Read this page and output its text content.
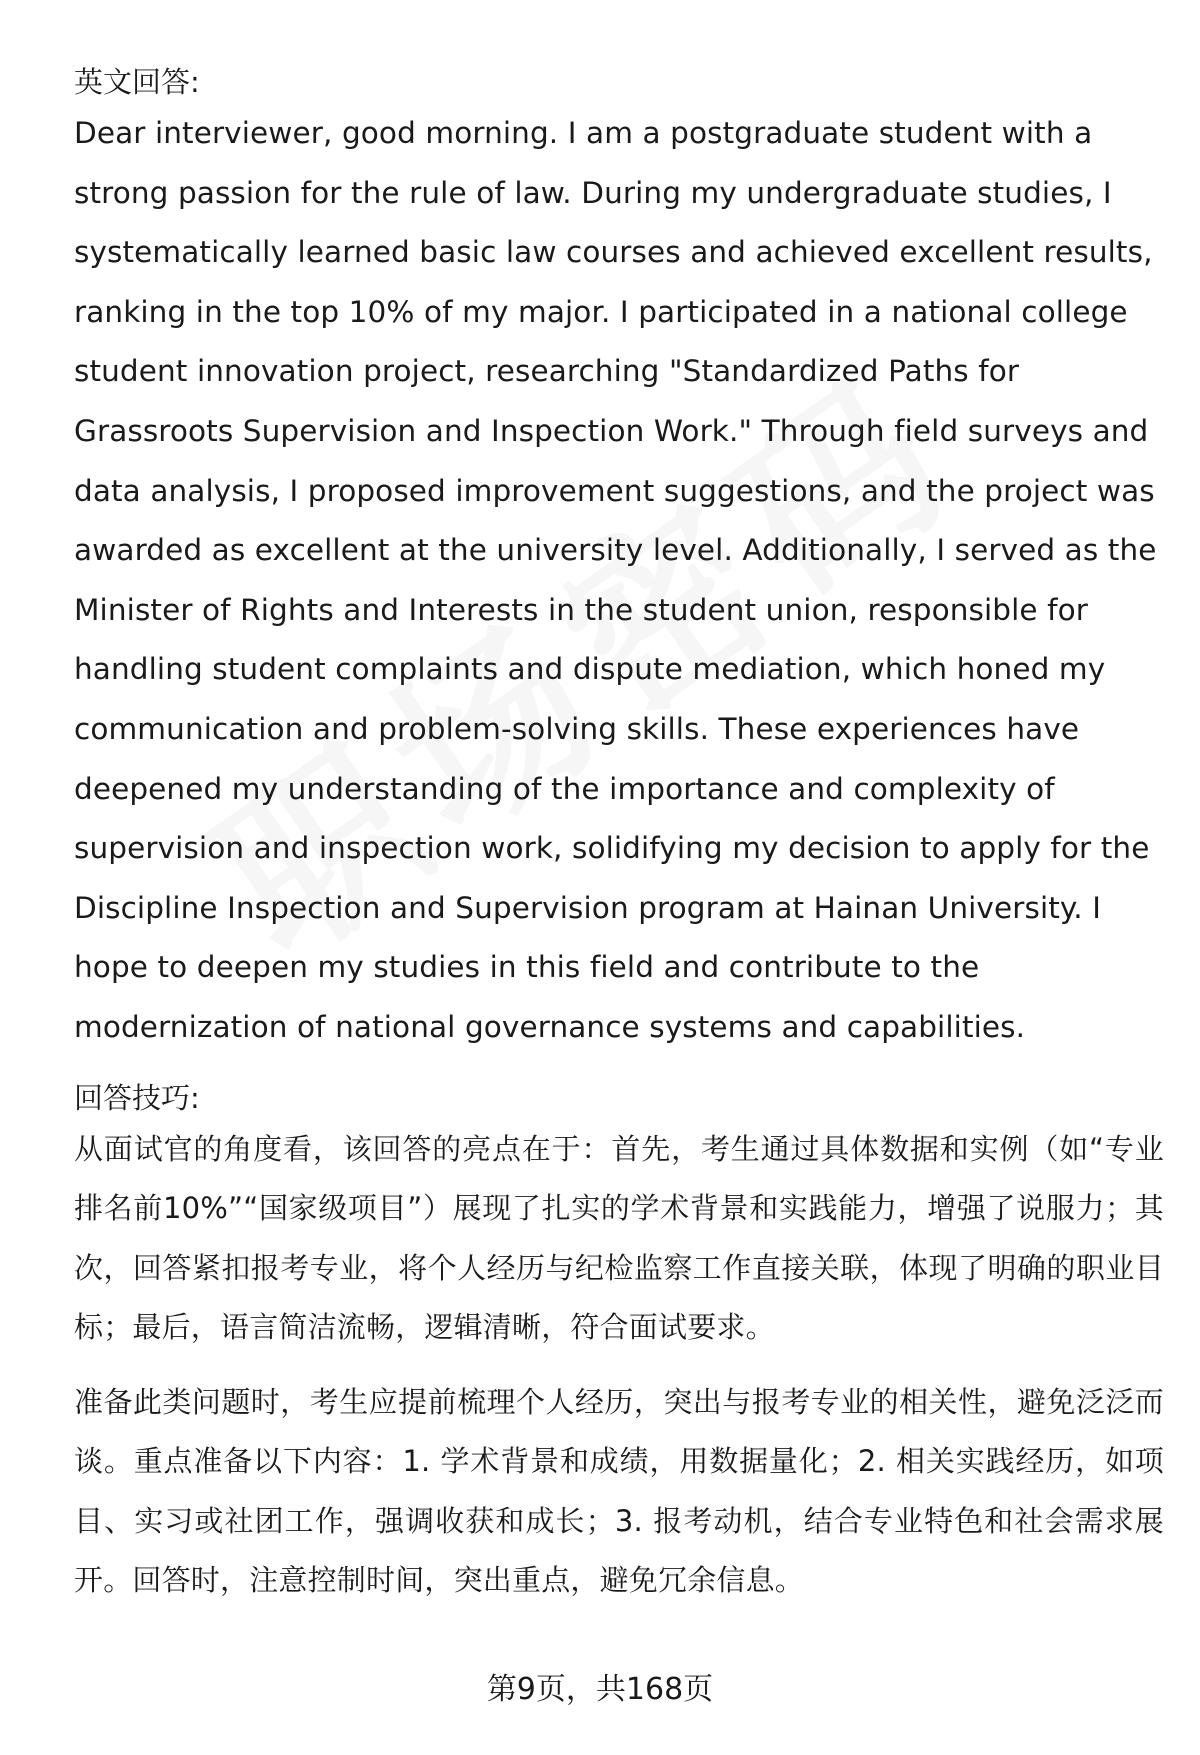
英文回答:

Dear interviewer, good morning. I am a postgraduate student with a strong passion for the rule of law. During my undergraduate studies, I systematically learned basic law courses and achieved excellent results, ranking in the top 10% of my major. I participated in a national college student innovation project, researching "Standardized Paths for Grassroots Supervision and Inspection Work." Through field surveys and data analysis, I proposed improvement suggestions, and the project was awarded as excellent at the university level. Additionally, I served as the Minister of Rights and Interests in the student union, responsible for handling student complaints and dispute mediation, which honed my communication and problem-solving skills. These experiences have deepened my understanding of the importance and complexity of supervision and inspection work, solidifying my decision to apply for the Discipline Inspection and Supervision program at Hainan University. I hope to deepen my studies in this field and contribute to the modernization of national governance systems and capabilities.

回答技巧:

从面试官的角度看，该回答的亮点在于：首先，考生通过具体数据和实例（如“专业排名前10%”“国家级项目”）展现了扎实的学术背景和实践能力，增强了说服力；其次，回答紧扣报考专业，将个人经历与纪检监察工作直接关联，体现了明确的职业目标；最后，语言简洁流畅，逻辑清晰，符合面试要求。

准备此类问题时，考生应提前梳理个人经历，突出与报考专业的相关性，避免泛泛而谈。重点准备以下内容：1. 学术背景和成绩，用数据量化；2. 相关实践经历，如项目、实习或社团工作，强调收获和成长；3. 报考动机，结合专业特色和社会需求展开。回答时，注意控制时间，突出重点，避免冗余信息。

第9页，共168页
